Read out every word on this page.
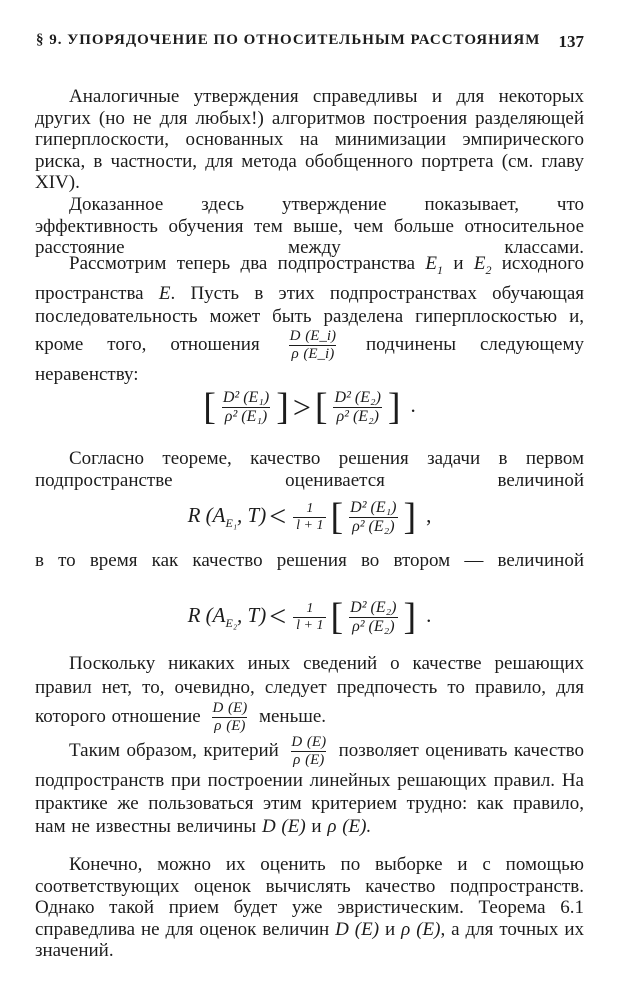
§ 9. УПОРЯДОЧЕНИЕ ПО ОТНОСИТЕЛЬНЫМ РАССТОЯНИЯМ 137

Аналогичные утверждения справедливы и для некоторых других (но не для любых!) алгоритмов построения разделяющей гиперплоскости, основанных на минимизации эмпирического риска, в частности, для метода обобщенного портрета (см. главу XIV).

Доказанное здесь утверждение показывает, что эффективность обучения тем выше, чем больше относительное расстояние между классами.

Рассмотрим теперь два подпространства $E_1$ и $E_2$ исходного пространства E. Пусть в этих подпространствах обучающая последовательность может быть разделена гиперплоскостью и, кроме того, отношения $\frac{D (E\_i)}{\rho (E\_i)}$ подчинены следующему неравенству:

[ $\frac{\text{D² (E₁)}}{\text{ρ² (E₁)}}$ ] > [ $\frac{\text{D² (E₂)}}{\text{ρ² (E₂)}}$ ] .

Согласно теореме, качество решения задачи в первом подпространстве оценивается величиной

R ($A_{E_1}$, $T) < \frac{1}{l + 1}$ [ $\frac{\text{D² (E₁)}}{\text{ρ² (E₂)}}$ ] ,

в то время как качество решения во втором — величиной

R ($A_{E_2}$, $T) < \frac{1}{l + 1}$ [ $\frac{\text{D² (E₂)}}{\text{ρ² (E₂)}}$ ] .

Поскольку никаких иных сведений о качестве решающих правил нет, то, очевидно, следует предпочесть то правило, для которого отношение $\frac{D (E)}{\rho (E)}$ меньше.

Таким образом, критерий $\frac{D (E)}{\rho (E)}$ позволяет оценивать качество подпространств при построении линейных решающих правил. На практике же пользоваться этим критерием трудно: как правило, нам не известны величины D (E) и ρ (E).

Конечно, можно их оценить по выборке и с помощью соответствующих оценок вычислять качество подпространств. Однако такой прием будет уже эвристическим. Теорема 6.1 справедлива не для оценок величин D (E) и ρ (E), а для точных их значений.
